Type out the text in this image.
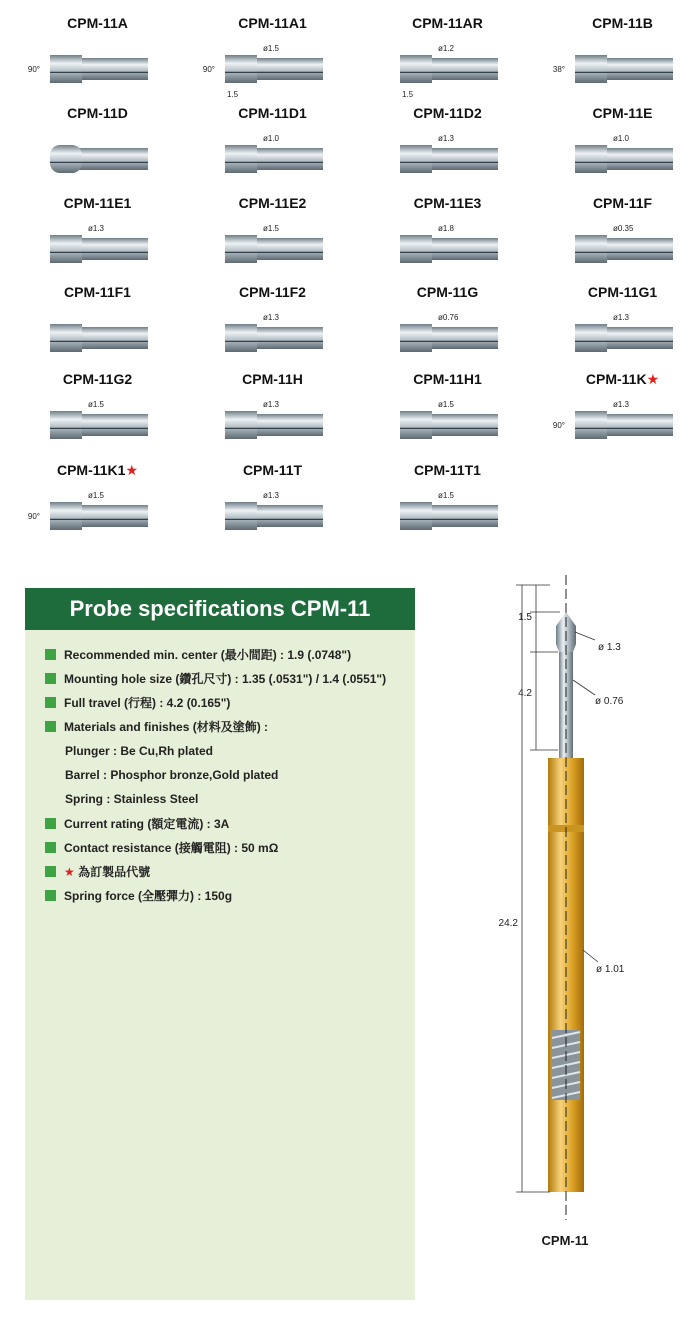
CPM-11A
90°
CPM-11A1
ø1.5
90°
1.5
CPM-11AR
ø1.2
1.5
CPM-11B
38°
CPM-11D	CPM-11D1
ø1.0
CPM-11D2
ø1.3
CPM-11E
ø1.0
CPM-11E1
ø1.3
CPM-11E2
ø1.5
CPM-11E3
ø1.8
CPM-11F
ø0.35
CPM-11F1	CPM-11F2
ø1.3
CPM-11G
ø0.76
CPM-11G1
ø1.3
CPM-11G2
ø1.5
CPM-11H
ø1.3
CPM-11H1
ø1.5
CPM-11K★
ø1.3
90°
CPM-11K1★
ø1.5
90°
CPM-11T
ø1.3
CPM-11T1
ø1.5
Probe specifications CPM-11
Recommended min. center (最小間距) : 1.9 (.0748")
Mounting hole size (鑽孔尺寸) : 1.35 (.0531") / 1.4 (.0551")
Full travel (行程) : 4.2 (0.165")
Materials and finishes (材料及塗飾) :
Plunger : Be Cu,Rh plated
Barrel : Phosphor bronze,Gold plated
Spring : Stainless Steel
Current rating (額定電流) : 3A
Contact resistance (接觸電阻) : 50 mΩ
★ 為訂製品代號
Spring force (全壓彈力) : 150g
1.5
ø 1.3
4.2
ø 0.76
24.2
ø 1.01
CPM-11
